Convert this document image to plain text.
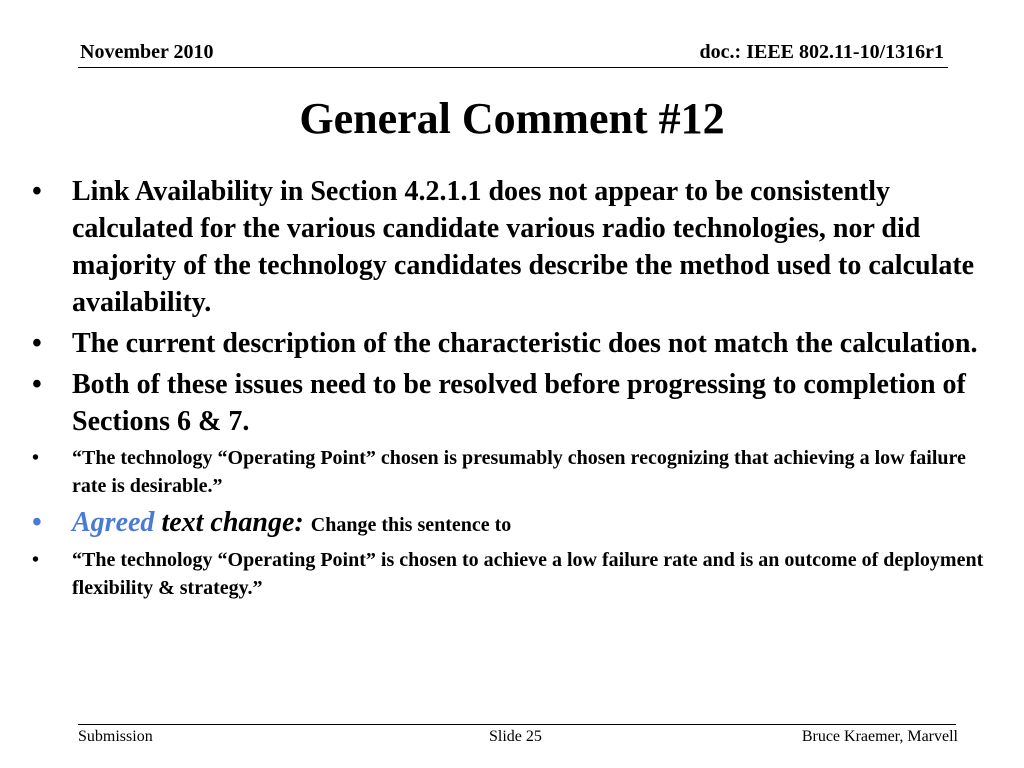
November 2010	doc.: IEEE 802.11-10/1316r1
General Comment #12
• Link Availability in Section 4.2.1.1 does not appear to be consistently calculated for the various candidate various radio technologies, nor did majority of the technology candidates describe the method used to calculate availability.
• The current description of the characteristic does not match the calculation.
• Both of these issues need to be resolved before progressing to completion of Sections 6 & 7.
• “The technology “Operating Point” chosen is presumably chosen recognizing that achieving a low failure rate is desirable.”
• Agreed text change: Change this sentence to
• “The technology “Operating Point” is chosen to achieve a low failure rate and is an outcome of deployment flexibility & strategy.”
Submission	Slide 25	Bruce Kraemer, Marvell
